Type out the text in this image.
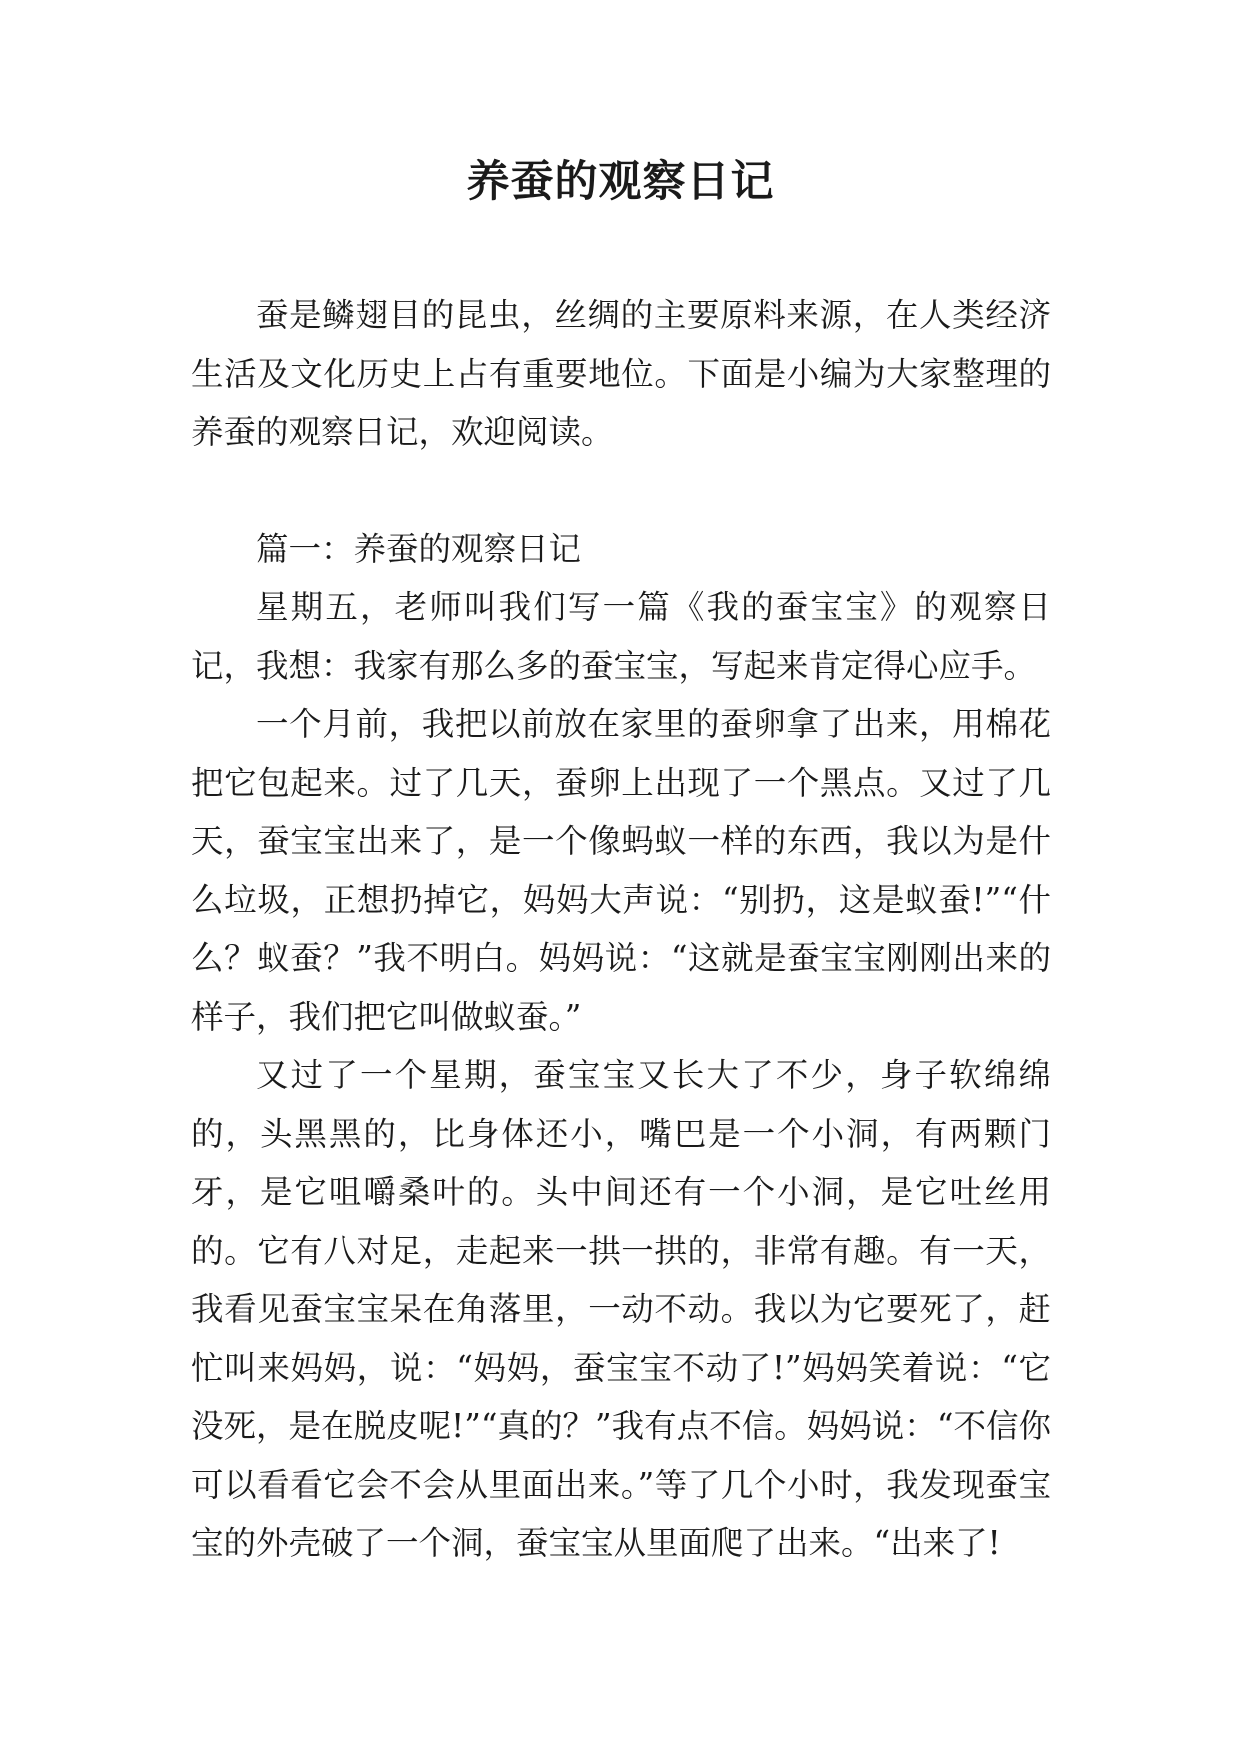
养蚕的观察日记

蚕是鳞翅目的昆虫，丝绸的主要原料来源，在人类经济生活及文化历史上占有重要地位。下面是小编为大家整理的养蚕的观察日记，欢迎阅读。

篇一：养蚕的观察日记

星期五，老师叫我们写一篇《我的蚕宝宝》的观察日记，我想：我家有那么多的蚕宝宝，写起来肯定得心应手。

一个月前，我把以前放在家里的蚕卵拿了出来，用棉花把它包起来。过了几天，蚕卵上出现了一个黑点。又过了几天，蚕宝宝出来了，是一个像蚂蚁一样的东西，我以为是什么垃圾，正想扔掉它，妈妈大声说：“别扔，这是蚁蚕!”“什么？蚁蚕？”我不明白。妈妈说：“这就是蚕宝宝刚刚出来的样子，我们把它叫做蚁蚕。”

又过了一个星期，蚕宝宝又长大了不少，身子软绵绵的，头黑黑的，比身体还小，嘴巴是一个小洞，有两颗门牙，是它咀嚼桑叶的。头中间还有一个小洞，是它吐丝用的。它有八对足，走起来一拱一拱的，非常有趣。有一天，我看见蚕宝宝呆在角落里，一动不动。我以为它要死了，赶忙叫来妈妈，说：“妈妈，蚕宝宝不动了!”妈妈笑着说：“它没死，是在脱皮呢!”“真的？”我有点不信。妈妈说：“不信你可以看看它会不会从里面出来。”等了几个小时，我发现蚕宝宝的外壳破了一个洞，蚕宝宝从里面爬了出来。“出来了!
